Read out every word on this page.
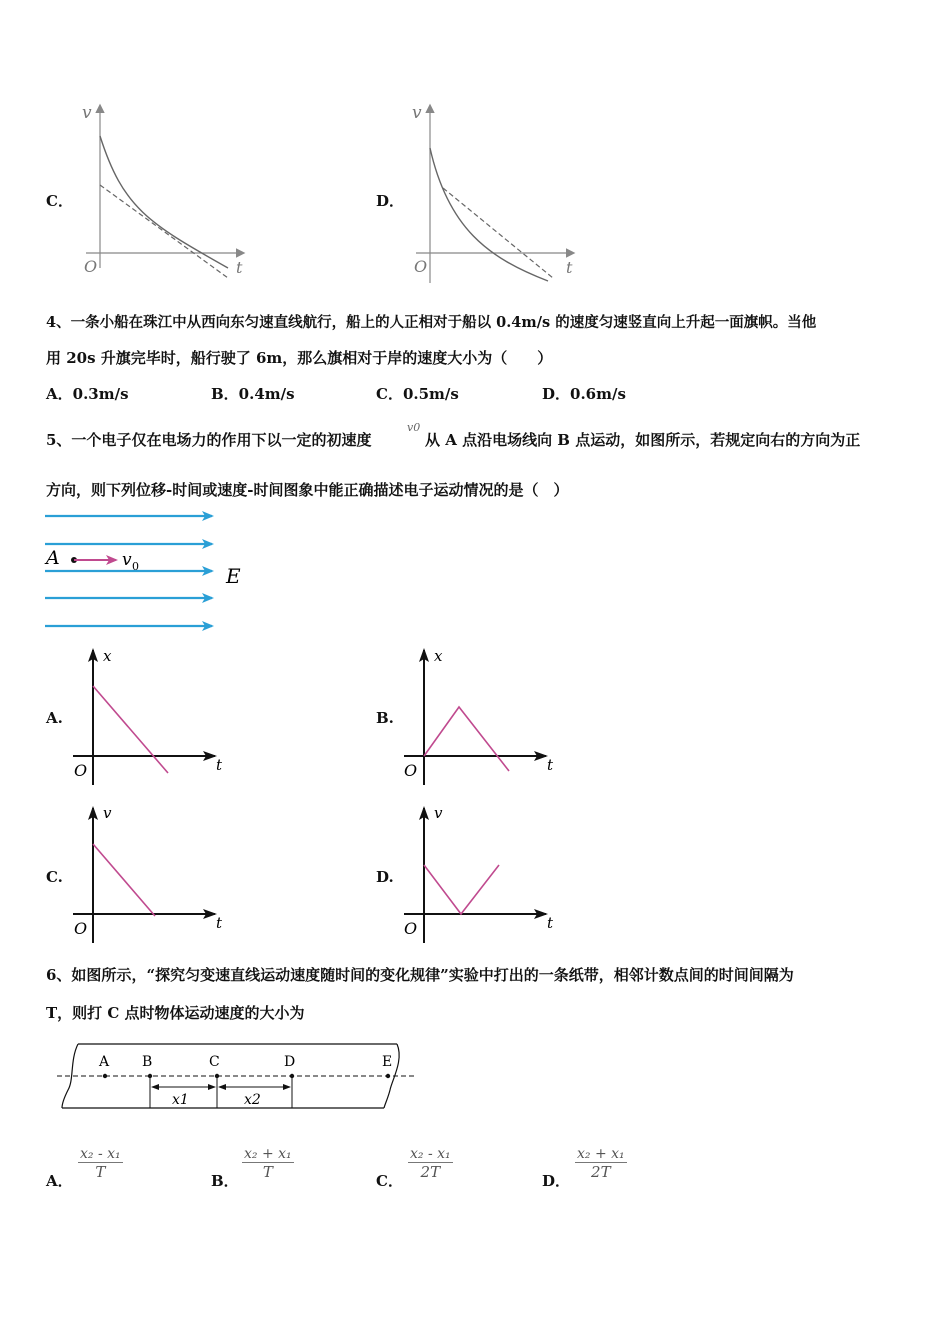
C．
v
t
O
D．
v
t
O
4、一条小船在珠江中从西向东匀速直线航行，船上的人正相对于船以 0.4m/s 的速度匀速竖直向上升起一面旗帜。当他
用 20s 升旗完毕时，船行驶了 6m，那么旗相对于岸的速度大小为（　　）
A．0.3m/s	B．0.4m/s	C．0.5m/s	D．0.6m/s
5、一个电子仅在电场力的作用下以一定的初速度
v0
从 A 点沿电场线向 B 点运动，如图所示，若规定向右的方向为正
方向，则下列位移-时间或速度-时间图象中能正确描述电子运动情况的是（　）
A	v 0	E
A.
x
t
O
B.
x
t
O
C.
v
t
O
D.
v
t
O
6、如图所示，“探究匀变速直线运动速度随时间的变化规律”实验中打出的一条纸带，相邻计数点间的时间间隔为
T，则打 C 点时物体运动速度的大小为
A B	C	D	E
x1	x2
A． $\frac{\text{x₂ - x₁}}{T}$	B． $\frac{\text{x₂ + x₁}}{T}$	C． $\frac{\text{x₂ - x₁}}{2T}$	D． $\frac{\text{x₂ + x₁}}{2T}$
